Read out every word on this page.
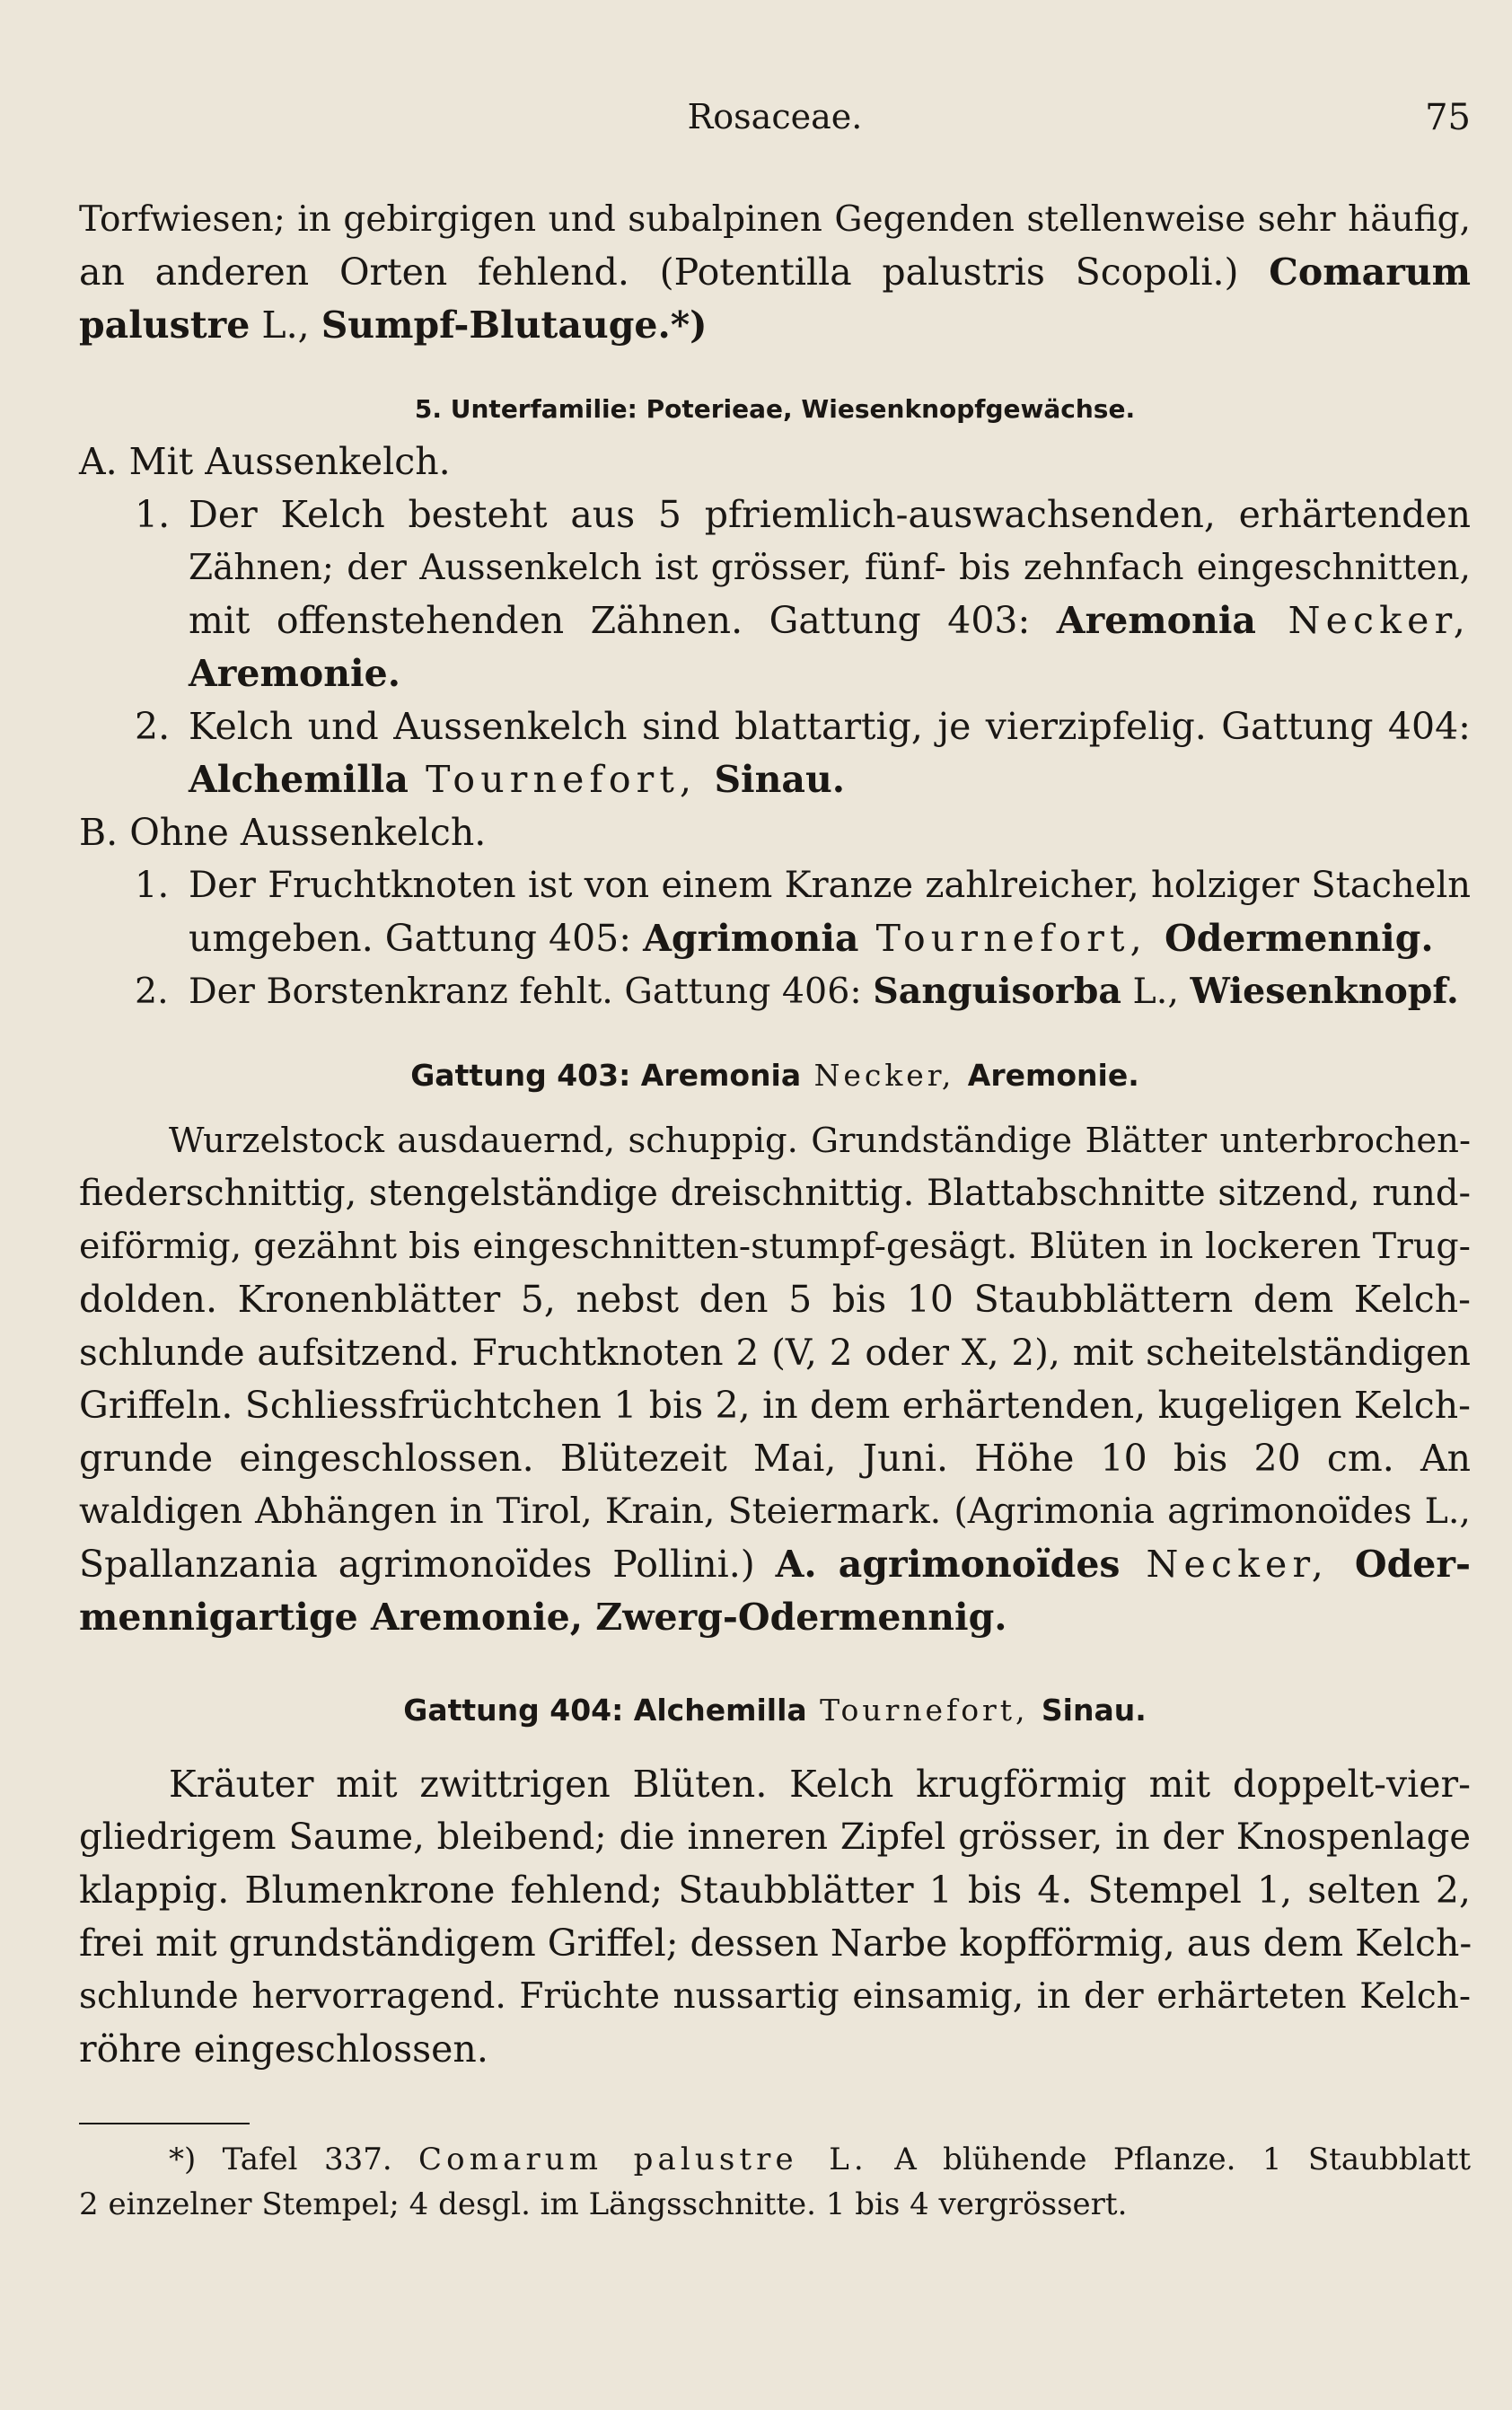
Rosaceae.	75
Torfwiesen; in gebirgigen und subalpinen Gegenden stellenweise sehr häufig,
an anderen Orten fehlend. (Potentilla palustris Scopoli.) Comarum
palustre L., Sumpf-Blutauge.*)
5. Unterfamilie: Poterieae, Wiesenknopfgewächse.
A. Mit Aussenkelch.
1. Der Kelch besteht aus 5 pfriemlich-auswachsenden, erhärtenden
Zähnen; der Aussenkelch ist grösser, fünf- bis zehnfach eingeschnitten,
mit offenstehenden Zähnen. Gattung 403: Aremonia Necker,
Aremonie.
2. Kelch und Aussenkelch sind blattartig, je vierzipfelig. Gattung 404:
Alchemilla Tournefort, Sinau.
B. Ohne Aussenkelch.
1. Der Fruchtknoten ist von einem Kranze zahlreicher, holziger Stacheln
umgeben. Gattung 405: Agrimonia Tournefort, Odermennig.
2. Der Borstenkranz fehlt. Gattung 406: Sanguisorba L., Wiesenknopf.
Gattung 403: Aremonia Necker, Aremonie.
Wurzelstock ausdauernd, schuppig. Grundständige Blätter unterbrochen-
fiederschnittig, stengelständige dreischnittig. Blattabschnitte sitzend, rund-
eiförmig, gezähnt bis eingeschnitten-stumpf-gesägt. Blüten in lockeren Trug-
dolden. Kronenblätter 5, nebst den 5 bis 10 Staubblättern dem Kelch-
schlunde aufsitzend. Fruchtknoten 2 (V, 2 oder X, 2), mit scheitelständigen
Griffeln. Schliessfrüchtchen 1 bis 2, in dem erhärtenden, kugeligen Kelch-
grunde eingeschlossen. Blütezeit Mai, Juni. Höhe 10 bis 20 cm. An
waldigen Abhängen in Tirol, Krain, Steiermark. (Agrimonia agrimonoïdes L.,
Spallanzania agrimonoïdes Pollini.) A. agrimonoïdes Necker, Oder-
mennigartige Aremonie, Zwerg-Odermennig.
Gattung 404: Alchemilla Tournefort, Sinau.
Kräuter mit zwittrigen Blüten. Kelch krugförmig mit doppelt-vier-
gliedrigem Saume, bleibend; die inneren Zipfel grösser, in der Knospenlage
klappig. Blumenkrone fehlend; Staubblätter 1 bis 4. Stempel 1, selten 2,
frei mit grundständigem Griffel; dessen Narbe kopfförmig, aus dem Kelch-
schlunde hervorragend. Früchte nussartig einsamig, in der erhärteten Kelch-
röhre eingeschlossen.
*) Tafel 337. Comarum palustre L. A blühende Pflanze. 1 Staubblatt
2 einzelner Stempel; 4 desgl. im Längsschnitte. 1 bis 4 vergrössert.
